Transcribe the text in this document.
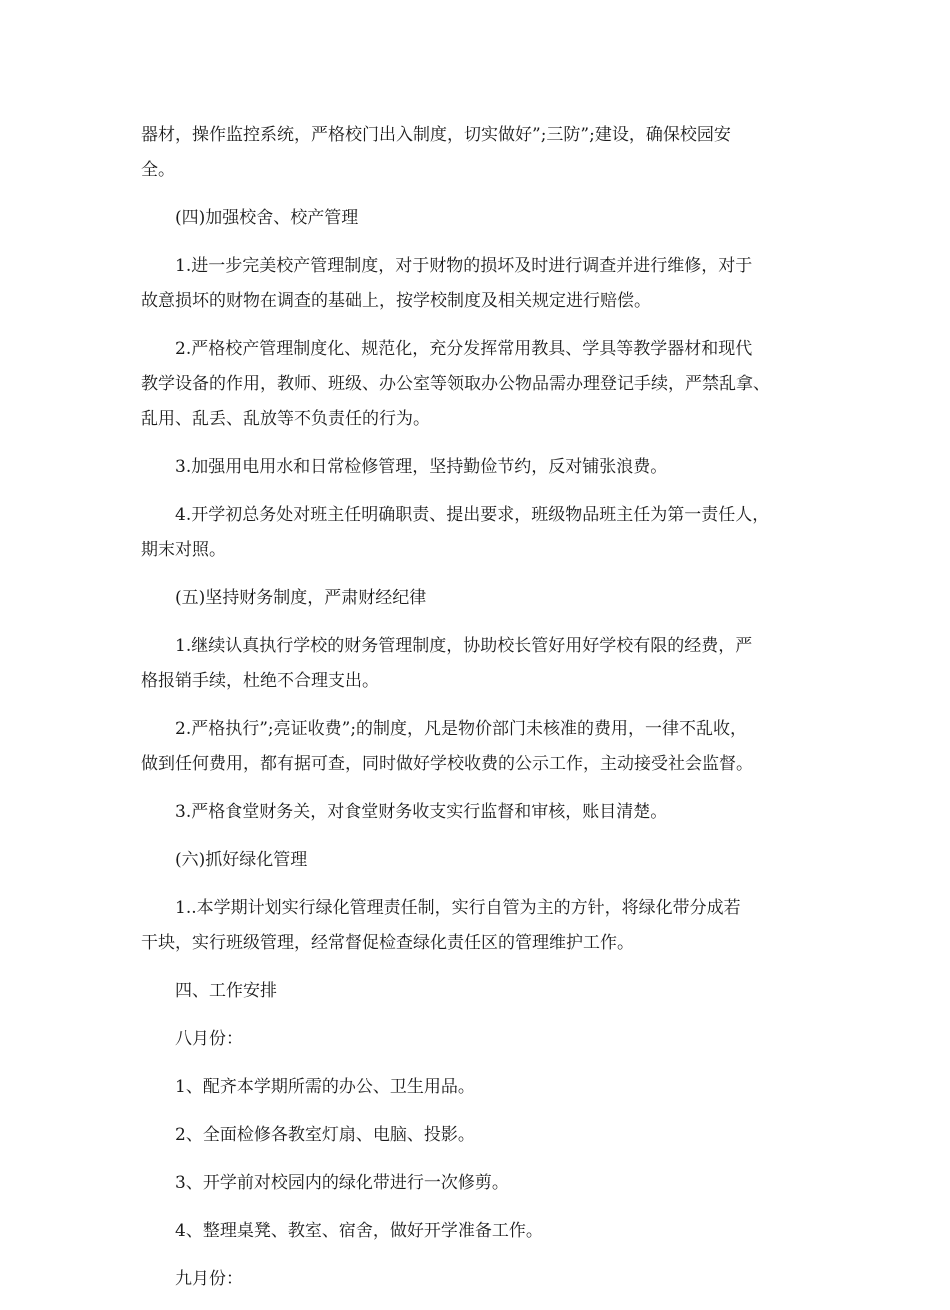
器材，操作监控系统，严格校门出入制度，切实做好”;三防”;建设，确保校园安
全。

(四)加强校舍、校产管理

1.进一步完美校产管理制度，对于财物的损坏及时进行调查并进行维修，对于
故意损坏的财物在调查的基础上，按学校制度及相关规定进行赔偿。

2.严格校产管理制度化、规范化，充分发挥常用教具、学具等教学器材和现代
教学设备的作用，教师、班级、办公室等领取办公物品需办理登记手续，严禁乱拿、
乱用、乱丢、乱放等不负责任的行为。

3.加强用电用水和日常检修管理，坚持勤俭节约，反对铺张浪费。

4.开学初总务处对班主任明确职责、提出要求，班级物品班主任为第一责任人，
期末对照。

(五)坚持财务制度，严肃财经纪律

1.继续认真执行学校的财务管理制度，协助校长管好用好学校有限的经费，严
格报销手续，杜绝不合理支出。

2.严格执行”;亮证收费”;的制度，凡是物价部门未核准的费用，一律不乱收，
做到任何费用，都有据可查，同时做好学校收费的公示工作，主动接受社会监督。

3.严格食堂财务关，对食堂财务收支实行监督和审核，账目清楚。

(六)抓好绿化管理

1..本学期计划实行绿化管理责任制，实行自管为主的方针，将绿化带分成若
干块，实行班级管理，经常督促检查绿化责任区的管理维护工作。

四、工作安排

八月份：

1、配齐本学期所需的办公、卫生用品。

2、全面检修各教室灯扇、电脑、投影。

3、开学前对校园内的绿化带进行一次修剪。

4、整理桌凳、教室、宿舍，做好开学准备工作。

九月份：
